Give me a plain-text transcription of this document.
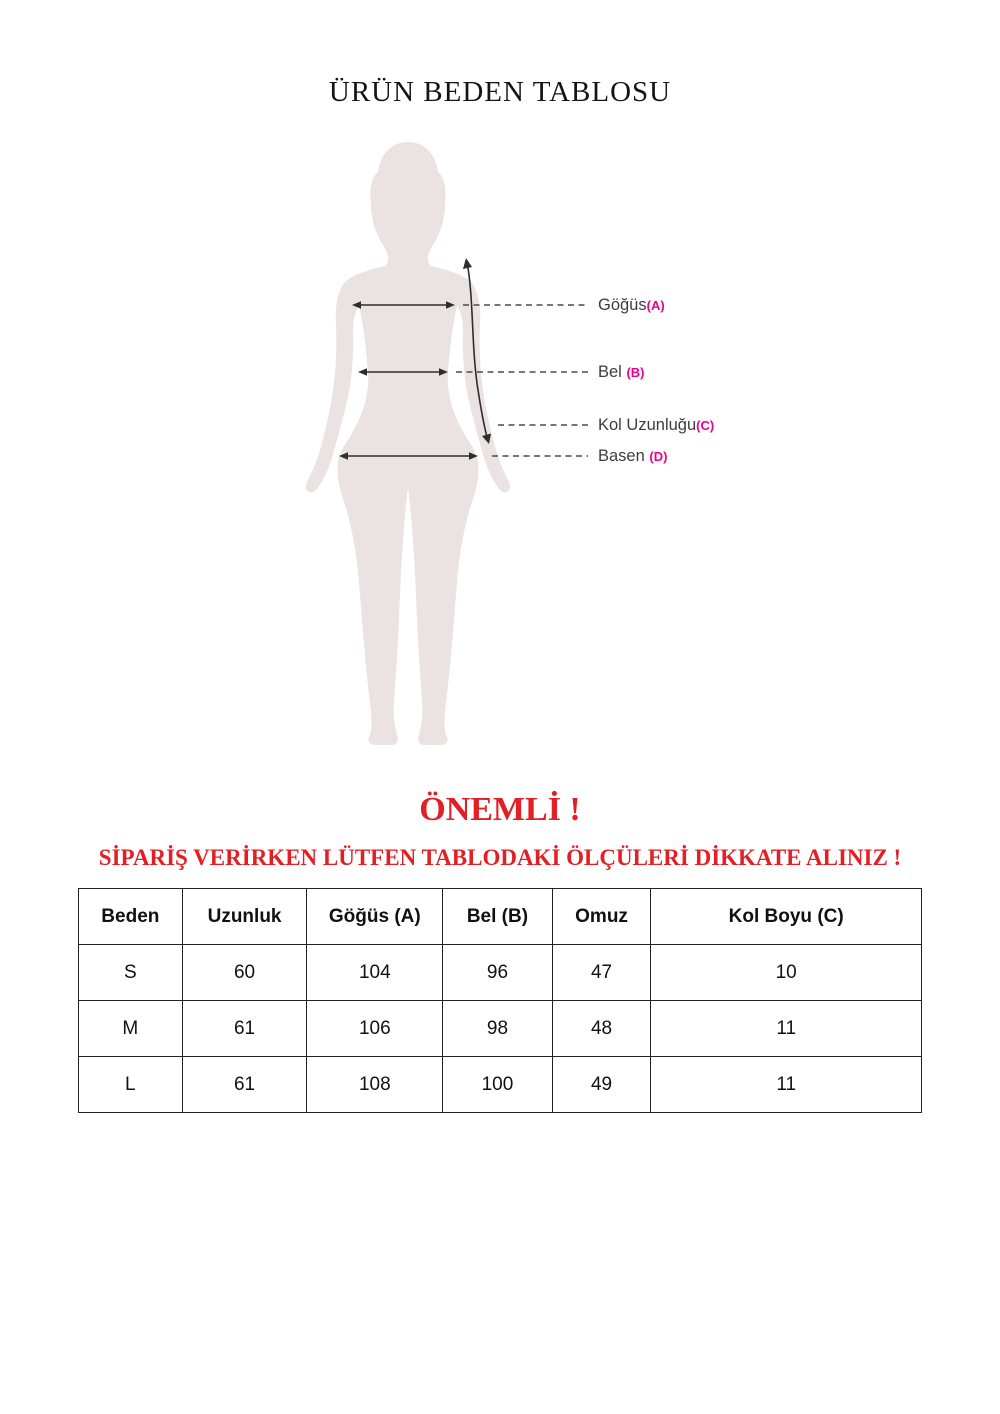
ÜRÜN BEDEN TABLOSU
Göğüs(A)
Bel (B)
Kol Uzunluğu(C)
Basen (D)
ÖNEMLİ !
SİPARİŞ VERİRKEN LÜTFEN TABLODAKİ ÖLÇÜLERİ DİKKATE ALINIZ !
Beden	Uzunluk	Göğüs (A)	Bel (B)	Omuz	Kol Boyu (C)
S	60	104	96	47	10
M	61	106	98	48	11
L	61	108	100	49	11
